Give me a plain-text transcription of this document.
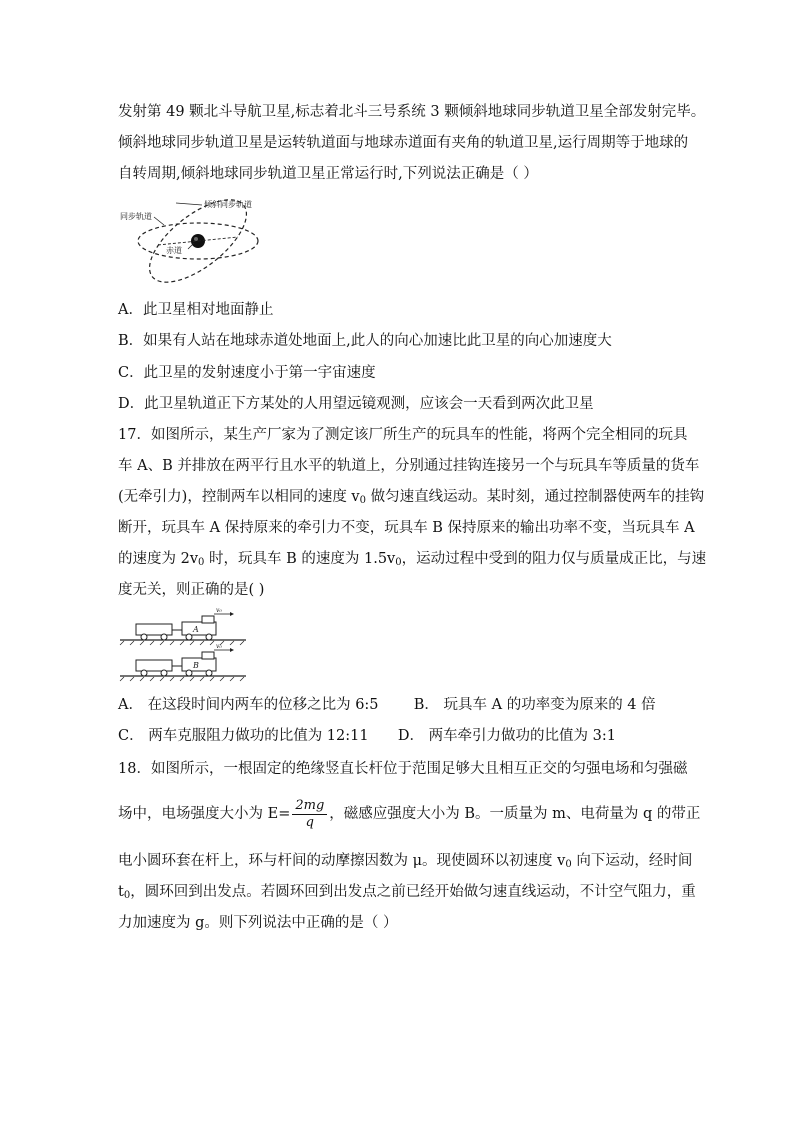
发射第 49 颗北斗导航卫星,标志着北斗三号系统 3 颗倾斜地球同步轨道卫星全部发射完毕。
倾斜地球同步轨道卫星是运转轨道面与地球赤道面有夹角的轨道卫星,运行周期等于地球的
自转周期,倾斜地球同步轨道卫星正常运行时,下列说法正确是（ ）
倾斜同步轨道
同步轨道
赤道
A．此卫星相对地面静止
B．如果有人站在地球赤道处地面上,此人的向心加速比此卫星的向心加速度大
C．此卫星的发射速度小于第一宇宙速度
D．此卫星轨道正下方某处的人用望远镜观测，应该会一天看到两次此卫星
17．如图所示，某生产厂家为了测定该厂所生产的玩具车的性能，将两个完全相同的玩具
车 A、B 并排放在两平行且水平的轨道上，分别通过挂钩连接另一个与玩具车等质量的货车
(无牵引力)，控制两车以相同的速度 $v_0$ 做匀速直线运动。某时刻，通过控制器使两车的挂钩
断开，玩具车 A 保持原来的牵引力不变，玩具车 B 保持原来的输出功率不变，当玩具车 A
的速度为 $2v_0$ 时，玩具车 B 的速度为 $1.5v_0$，运动过程中受到的阻力仅与质量成正比，与速
度无关，则正确的是( )
A
v₀
B
v₀
A． 在这段时间内两车的位移之比为 6:5 B． 玩具车 A 的功率变为原来的 4 倍
C． 两车克服阻力做功的比值为 12:11 D． 两车牵引力做功的比值为 3:1
18．如图所示，一根固定的绝缘竖直长杆位于范围足够大且相互正交的匀强电场和匀强磁
场中，电场强度大小为 $E= \frac{2mg}{q}$ ，磁感应强度大小为 B。一质量为 m、电荷量为 q 的带正
电小圆环套在杆上，环与杆间的动摩擦因数为 μ。现使圆环以初速度 $v_0$ 向下运动，经时间
$t_0$，圆环回到出发点。若圆环回到出发点之前已经开始做匀速直线运动，不计空气阻力，重
力加速度为 g。则下列说法中正确的是（ ）
